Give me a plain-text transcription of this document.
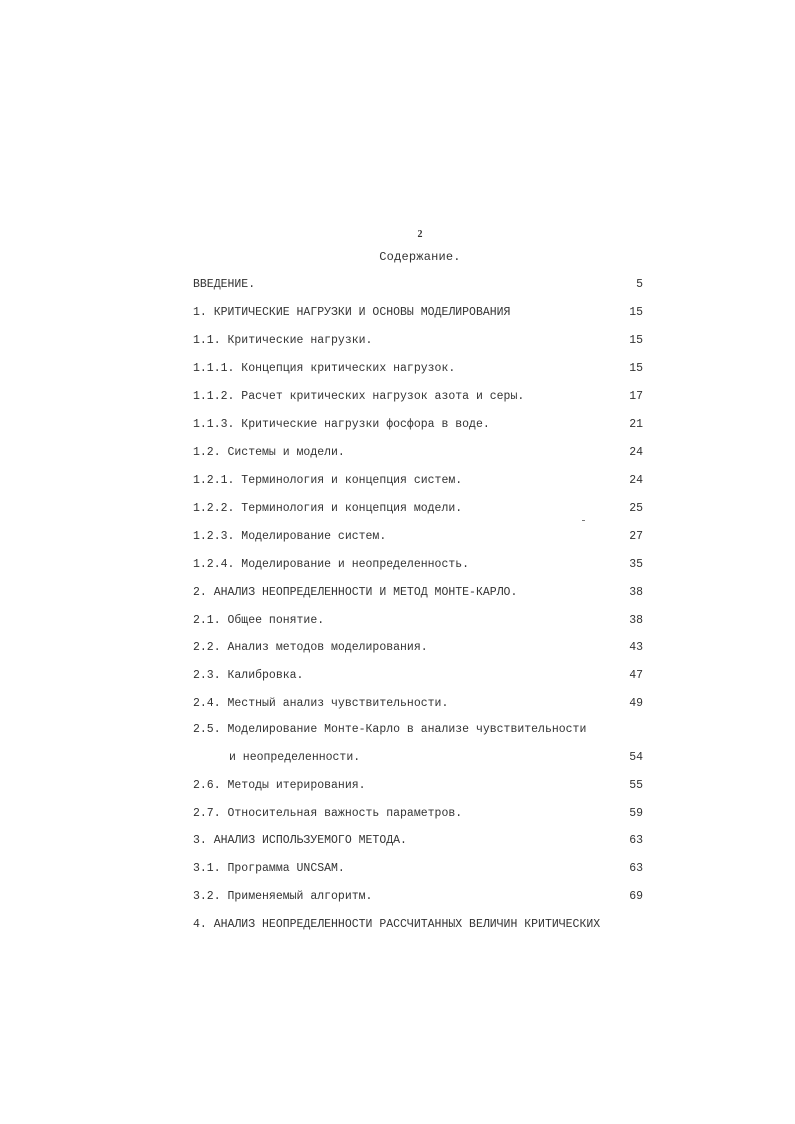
2
Содержание.
ВВЕДЕНИЕ.	5
1. КРИТИЧЕСКИЕ НАГРУЗКИ И ОСНОВЫ МОДЕЛИРОВАНИЯ	15
1.1. Критические нагрузки.	15
1.1.1. Концепция критических нагрузок.	15
1.1.2. Расчет критических нагрузок азота и серы.	17
1.1.3. Критические нагрузки фосфора в воде.	21
1.2. Системы и модели.	24
1.2.1. Терминология и концепция систем.	24
1.2.2. Терминология и концепция модели.	25
1.2.3. Моделирование систем.	27
1.2.4. Моделирование и неопределенность.	35
2. АНАЛИЗ НЕОПРЕДЕЛЕННОСТИ И МЕТОД МОНТЕ-КАРЛО.	38
2.1. Общее понятие.	38
2.2. Анализ методов моделирования.	43
2.3. Калибровка.	47
2.4. Местный анализ чувствительности.	49
2.5. Моделирование Монте-Карло в анализе чувствительности
и неопределенности.	54
2.6. Методы итерирования.	55
2.7. Относительная важность параметров.	59
3. АНАЛИЗ ИСПОЛЬЗУЕМОГО МЕТОДА.	63
3.1. Программа UNCSAM.	63
3.2. Применяемый алгоритм.	69
4. АНАЛИЗ НЕОПРЕДЕЛЕННОСТИ РАССЧИТАННЫХ ВЕЛИЧИН КРИТИЧЕСКИХ
